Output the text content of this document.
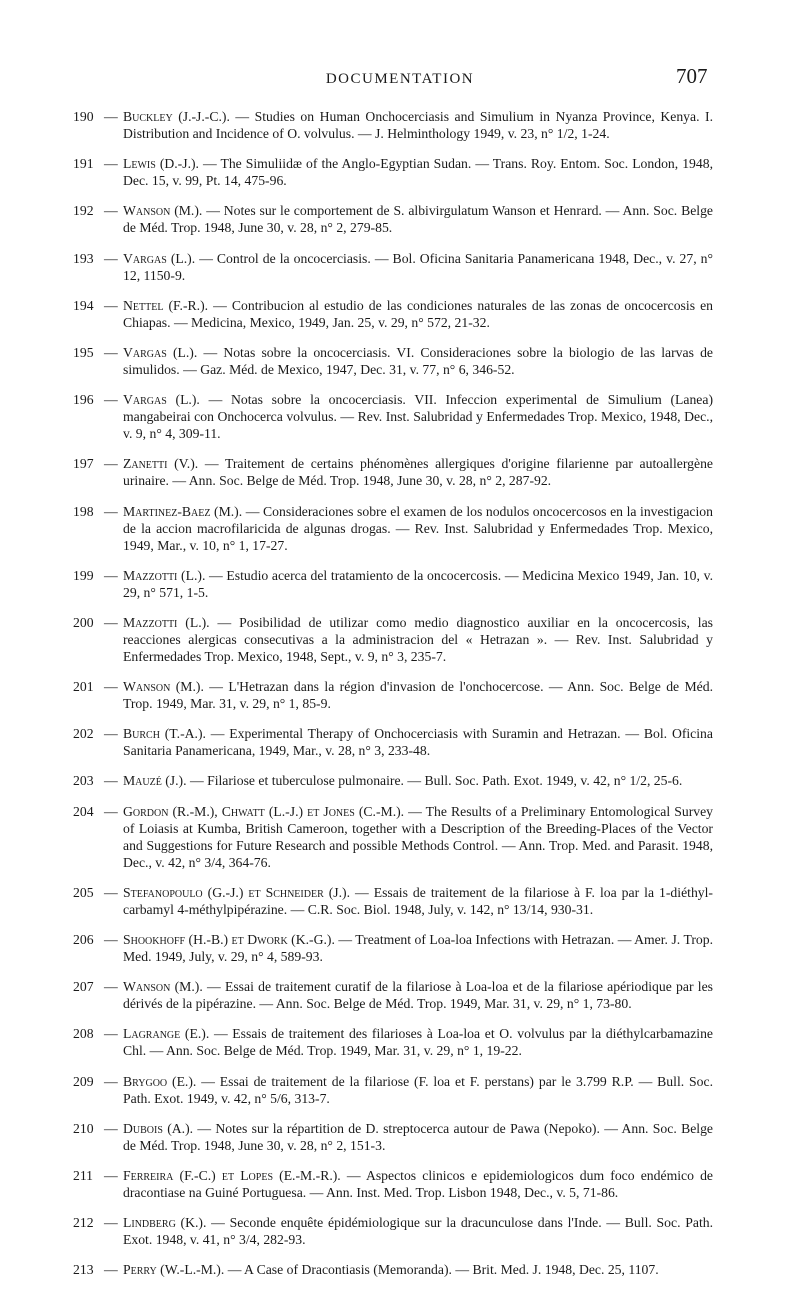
DOCUMENTATION	707
190 — Buckley (J.-J.-C.). — Studies on Human Onchocerciasis and Simulium in Nyanza Province, Kenya. I. Distribution and Incidence of O. volvulus. — J. Helminthology 1949, v. 23, n° 1/2, 1-24.
191 — Lewis (D.-J.). — The Simuliidæ of the Anglo-Egyptian Sudan. — Trans. Roy. Entom. Soc. London, 1948, Dec. 15, v. 99, Pt. 14, 475-96.
192 — Wanson (M.). — Notes sur le comportement de S. albivirgulatum Wanson et Henrard. — Ann. Soc. Belge de Méd. Trop. 1948, June 30, v. 28, n° 2, 279-85.
193 — Vargas (L.). — Control de la oncocerciasis. — Bol. Oficina Sanitaria Panamericana 1948, Dec., v. 27, n° 12, 1150-9.
194 — Nettel (F.-R.). — Contribucion al estudio de las condiciones naturales de las zonas de oncocercosis en Chiapas. — Medicina, Mexico, 1949, Jan. 25, v. 29, n° 572, 21-32.
195 — Vargas (L.). — Notas sobre la oncocerciasis. VI. Consideraciones sobre la biologio de las larvas de simulidos. — Gaz. Méd. de Mexico, 1947, Dec. 31, v. 77, n° 6, 346-52.
196 — Vargas (L.). — Notas sobre la oncocerciasis. VII. Infeccion experimental de Simulium (Lanea) mangabeirai con Onchocerca volvulus. — Rev. Inst. Salubridad y Enfermedades Trop. Mexico, 1948, Dec., v. 9, n° 4, 309-11.
197 — Zanetti (V.). — Traitement de certains phénomènes allergiques d'origine filarienne par autoallergène urinaire. — Ann. Soc. Belge de Méd. Trop. 1948, June 30, v. 28, n° 2, 287-92.
198 — Martinez-Baez (M.). — Consideraciones sobre el examen de los nodulos oncocercosos en la investigacion de la accion macrofilaricida de algunas drogas. — Rev. Inst. Salubridad y Enfermedades Trop. Mexico, 1949, Mar., v. 10, n° 1, 17-27.
199 — Mazzotti (L.). — Estudio acerca del tratamiento de la oncocercosis. — Medicina Mexico 1949, Jan. 10, v. 29, n° 571, 1-5.
200 — Mazzotti (L.). — Posibilidad de utilizar como medio diagnostico auxiliar en la oncocercosis, las reacciones alergicas consecutivas a la administracion del « Hetrazan ». — Rev. Inst. Salubridad y Enfermedades Trop. Mexico, 1948, Sept., v. 9, n° 3, 235-7.
201 — Wanson (M.). — L'Hetrazan dans la région d'invasion de l'onchocercose. — Ann. Soc. Belge de Méd. Trop. 1949, Mar. 31, v. 29, n° 1, 85-9.
202 — Burch (T.-A.). — Experimental Therapy of Onchocerciasis with Suramin and Hetrazan. — Bol. Oficina Sanitaria Panamericana, 1949, Mar., v. 28, n° 3, 233-48.
203 — Mauzé (J.). — Filariose et tuberculose pulmonaire. — Bull. Soc. Path. Exot. 1949, v. 42, n° 1/2, 25-6.
204 — Gordon (R.-M.), Chwatt (L.-J.) et Jones (C.-M.). — The Results of a Preliminary Entomological Survey of Loiasis at Kumba, British Cameroon, together with a Description of the Breeding-Places of the Vector and Suggestions for Future Research and possible Methods Control. — Ann. Trop. Med. and Parasit. 1948, Dec., v. 42, n° 3/4, 364-76.
205 — Stefanopoulo (G.-J.) et Schneider (J.). — Essais de traitement de la filariose à F. loa par la 1-diéthyl-carbamyl 4-méthylpipérazine. — C.R. Soc. Biol. 1948, July, v. 142, n° 13/14, 930-31.
206 — Shookhoff (H.-B.) et Dwork (K.-G.). — Treatment of Loa-loa Infections with Hetrazan. — Amer. J. Trop. Med. 1949, July, v. 29, n° 4, 589-93.
207 — Wanson (M.). — Essai de traitement curatif de la filariose à Loa-loa et de la filariose apériodique par les dérivés de la pipérazine. — Ann. Soc. Belge de Méd. Trop. 1949, Mar. 31, v. 29, n° 1, 73-80.
208 — Lagrange (E.). — Essais de traitement des filarioses à Loa-loa et O. volvulus par la diéthylcarbamazine Chl. — Ann. Soc. Belge de Méd. Trop. 1949, Mar. 31, v. 29, n° 1, 19-22.
209 — Brygoo (E.). — Essai de traitement de la filariose (F. loa et F. perstans) par le 3.799 R.P. — Bull. Soc. Path. Exot. 1949, v. 42, n° 5/6, 313-7.
210 — Dubois (A.). — Notes sur la répartition de D. streptocerca autour de Pawa (Nepoko). — Ann. Soc. Belge de Méd. Trop. 1948, June 30, v. 28, n° 2, 151-3.
211 — Ferreira (F.-C.) et Lopes (E.-M.-R.). — Aspectos clinicos e epidemiologicos dum foco endémico de dracontiase na Guiné Portuguesa. — Ann. Inst. Med. Trop. Lisbon 1948, Dec., v. 5, 71-86.
212 — Lindberg (K.). — Seconde enquête épidémiologique sur la dracunculose dans l'Inde. — Bull. Soc. Path. Exot. 1948, v. 41, n° 3/4, 282-93.
213 — Perry (W.-L.-M.). — A Case of Dracontiasis (Memoranda). — Brit. Med. J. 1948, Dec. 25, 1107.
